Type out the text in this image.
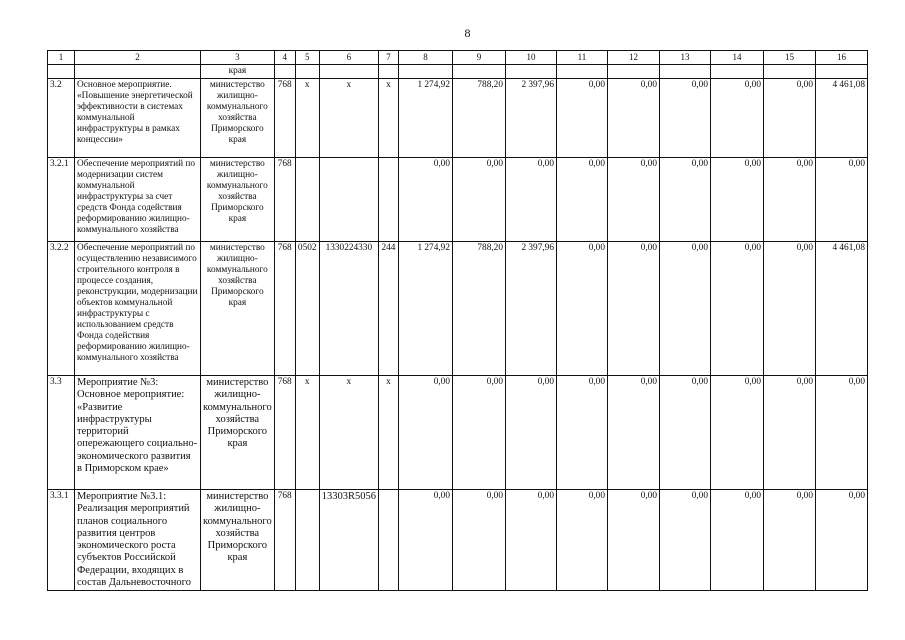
8
1	2	3	4	5	6	7	8	9	10	11	12	13	14	15	16
		края													
3.2	Основное мероприятие. «Повышение энергетической эффективности в системах коммунальной инфраструктуры в рамках концессии»	министерство жилищно-коммунального хозяйства Приморского края	768	х	х	х	1 274,92	788,20	2 397,96	0,00	0,00	0,00	0,00	0,00	4 461,08
3.2.1	Обеспечение мероприятий по модернизации систем коммунальной инфраструктуры за счет средств Фонда содействия реформированию жилищно-коммунального хозяйства	министерство жилищно-коммунального хозяйства Приморского края	768				0,00	0,00	0,00	0,00	0,00	0,00	0,00	0,00	0,00
3.2.2	Обеспечение мероприятий по осуществлению независимого строительного контроля в процессе создания, реконструкции, модернизации объектов коммунальной инфраструктуры с использованием средств Фонда содействия реформированию жилищно-коммунального хозяйства	министерство жилищно-коммунального хозяйства Приморского края	768	0502	1330224330	244	1 274,92	788,20	2 397,96	0,00	0,00	0,00	0,00	0,00	4 461,08
3.3	Мероприятие №3: Основное мероприятие: «Развитие инфраструктуры территорий опережающего социально-экономического развития в Приморском крае»	министерство жилищно-коммунального хозяйства Приморского края	768	х	х	х	0,00	0,00	0,00	0,00	0,00	0,00	0,00	0,00	0,00
3.3.1	Мероприятие №3.1: Реализация мероприятий планов социального развития центров экономического роста субъектов Российской Федерации, входящих в состав Дальневосточного	министерство жилищно-коммунального хозяйства Приморского края	768		13303R5056		0,00	0,00	0,00	0,00	0,00	0,00	0,00	0,00	0,00
